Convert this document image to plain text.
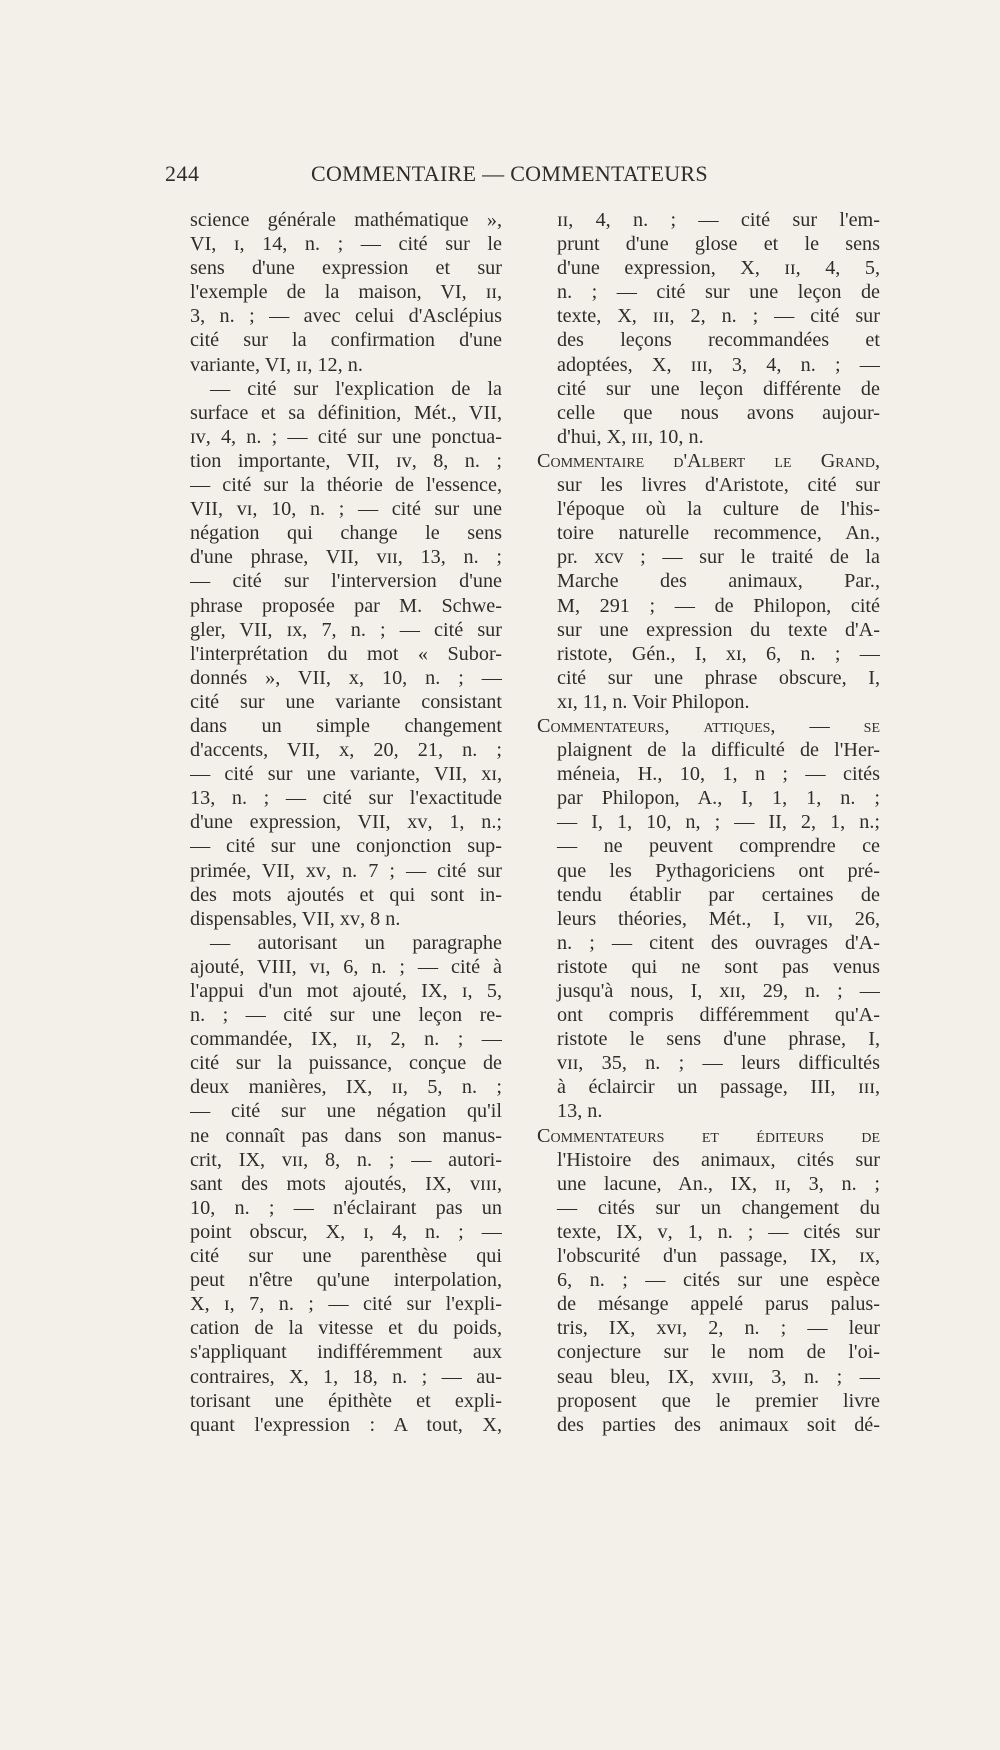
244	COMMENTAIRE — COMMENTATEURS
science générale mathématique »,
VI, ɪ, 14, n. ; — cité sur le
sens d'une expression et sur
l'exemple de la maison, VI, ɪɪ,
3, n. ; — avec celui d'Asclépius
cité sur la confirmation d'une
variante, VI, ɪɪ, 12, n.
— cité sur l'explication de la
surface et sa définition, Mét., VII,
ɪᴠ, 4, n. ; — cité sur une ponctua-
tion importante, VII, ɪᴠ, 8, n. ;
— cité sur la théorie de l'essence,
VII, ᴠɪ, 10, n. ; — cité sur une
négation qui change le sens
d'une phrase, VII, ᴠɪɪ, 13, n. ;
— cité sur l'interversion d'une
phrase proposée par M. Schwe-
gler, VII, ɪx, 7, n. ; — cité sur
l'interprétation du mot « Subor-
donnés », VII, x, 10, n. ; —
cité sur une variante consistant
dans un simple changement
d'accents, VII, x, 20, 21, n. ;
— cité sur une variante, VII, xɪ,
13, n. ; — cité sur l'exactitude
d'une expression, VII, xᴠ, 1, n.;
— cité sur une conjonction sup-
primée, VII, xᴠ, n. 7 ; — cité sur
des mots ajoutés et qui sont in-
dispensables, VII, xᴠ, 8 n.
— autorisant un paragraphe
ajouté, VIII, ᴠɪ, 6, n. ; — cité à
l'appui d'un mot ajouté, IX, ɪ, 5,
n. ; — cité sur une leçon re-
commandée, IX, ɪɪ, 2, n. ; —
cité sur la puissance, conçue de
deux manières, IX, ɪɪ, 5, n. ;
— cité sur une négation qu'il
ne connaît pas dans son manus-
crit, IX, ᴠɪɪ, 8, n. ; — autori-
sant des mots ajoutés, IX, ᴠɪɪɪ,
10, n. ; — n'éclairant pas un
point obscur, X, ɪ, 4, n. ; —
cité sur une parenthèse qui
peut n'être qu'une interpolation,
X, ɪ, 7, n. ; — cité sur l'expli-
cation de la vitesse et du poids,
s'appliquant indifféremment aux
contraires, X, 1, 18, n. ; — au-
torisant une épithète et expli-
quant l'expression : A tout, X,
ɪɪ, 4, n. ; — cité sur l'em-
prunt d'une glose et le sens
d'une expression, X, ɪɪ, 4, 5,
n. ; — cité sur une leçon de
texte, X, ɪɪɪ, 2, n. ; — cité sur
des leçons recommandées et
adoptées, X, ɪɪɪ, 3, 4, n. ; —
cité sur une leçon différente de
celle que nous avons aujour-
d'hui, X, ɪɪɪ, 10, n.
Commentaire d'Albert le Grand,
sur les livres d'Aristote, cité sur
l'époque où la culture de l'his-
toire naturelle recommence, An.,
pr. xcv ; — sur le traité de la
Marche des animaux, Par.,
M, 291 ; — de Philopon, cité
sur une expression du texte d'A-
ristote, Gén., I, xɪ, 6, n. ; —
cité sur une phrase obscure, I,
xɪ, 11, n. Voir Philopon.
Commentateurs, attiques, — se
plaignent de la difficulté de l'Her-
méneia, H., 10, 1, n ; — cités
par Philopon, A., I, 1, 1, n. ;
— I, 1, 10, n, ; — II, 2, 1, n.;
— ne peuvent comprendre ce
que les Pythagoriciens ont pré-
tendu établir par certaines de
leurs théories, Mét., I, ᴠɪɪ, 26,
n. ; — citent des ouvrages d'A-
ristote qui ne sont pas venus
jusqu'à nous, I, xɪɪ, 29, n. ; —
ont compris différemment qu'A-
ristote le sens d'une phrase, I,
ᴠɪɪ, 35, n. ; — leurs difficultés
à éclaircir un passage, III, ɪɪɪ,
13, n.
Commentateurs et éditeurs de
l'Histoire des animaux, cités sur
une lacune, An., IX, ɪɪ, 3, n. ;
— cités sur un changement du
texte, IX, ᴠ, 1, n. ; — cités sur
l'obscurité d'un passage, IX, ɪx,
6, n. ; — cités sur une espèce
de mésange appelé parus palus-
tris, IX, xᴠɪ, 2, n. ; — leur
conjecture sur le nom de l'oi-
seau bleu, IX, xᴠɪɪɪ, 3, n. ; —
proposent que le premier livre
des parties des animaux soit dé-
